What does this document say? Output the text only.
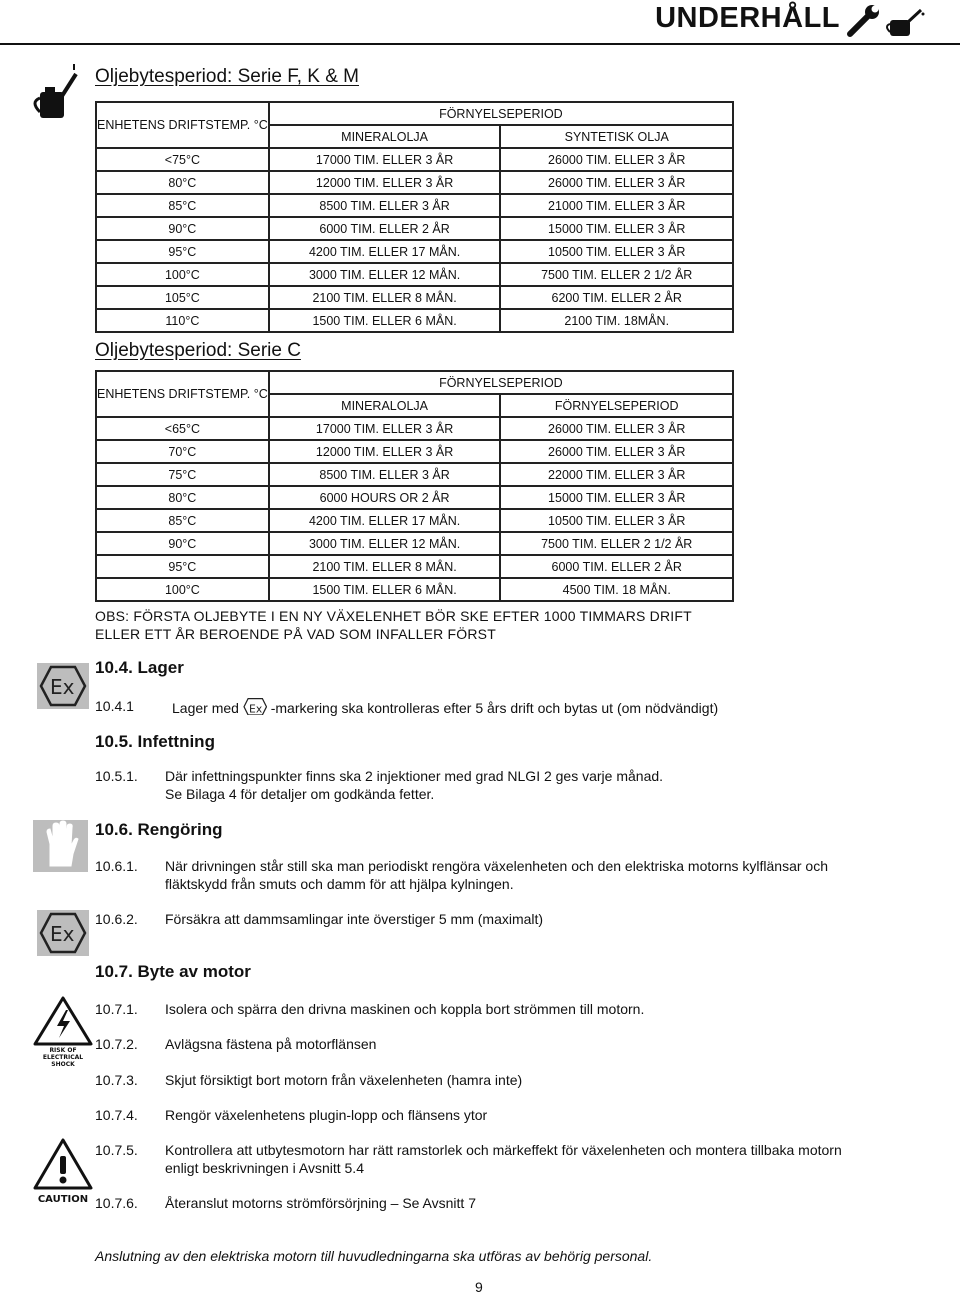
UNDERHÅLL
Oljebytesperiod: Serie F, K & M
ENHETENS DRIFTSTEMP. °C	FÖRNYELSEPERIOD	
	MINERALOLJA	SYNTETISK OLJA
<75°C	17000 TIM. ELLER 3 ÅR	26000 TIM. ELLER 3 ÅR
80°C	12000 TIM. ELLER 3 ÅR	26000 TIM. ELLER 3 ÅR
85°C	8500 TIM. ELLER 3 ÅR	21000 TIM. ELLER 3 ÅR
90°C	6000 TIM. ELLER 2 ÅR	15000 TIM. ELLER 3 ÅR
95°C	4200 TIM. ELLER 17 MÅN.	10500 TIM. ELLER 3 ÅR
100°C	3000 TIM. ELLER 12 MÅN.	7500 TIM. ELLER 2 1/2 ÅR
105°C	2100 TIM. ELLER 8 MÅN.	6200 TIM. ELLER 2 ÅR
110°C	1500 TIM. ELLER 6 MÅN.	2100 TIM. 18MÅN.
Oljebytesperiod: Serie C
ENHETENS DRIFTSTEMP. °C	FÖRNYELSEPERIOD	
	MINERALOLJA	FÖRNYELSEPERIOD
<65°C	17000 TIM. ELLER 3 ÅR	26000 TIM. ELLER 3 ÅR
70°C	12000 TIM. ELLER 3 ÅR	26000 TIM. ELLER 3 ÅR
75°C	8500 TIM. ELLER 3 ÅR	22000 TIM. ELLER 3 ÅR
80°C	6000 HOURS OR 2 ÅR	15000 TIM. ELLER 3 ÅR
85°C	4200 TIM. ELLER 17 MÅN.	10500 TIM. ELLER 3 ÅR
90°C	3000 TIM. ELLER 12 MÅN.	7500 TIM. ELLER 2 1/2 ÅR
95°C	2100 TIM. ELLER 8 MÅN.	6000 TIM. ELLER 2 ÅR
100°C	1500 TIM. ELLER 6 MÅN.	4500 TIM. 18 MÅN.
OBS: FÖRSTA OLJEBYTE I EN NY VÄXELENHET BÖR SKE EFTER 1000 TIMMARS DRIFT
ELLER ETT ÅR BEROENDE PÅ VAD SOM INFALLER FÖRST
Ex
10.4. Lager
10.4.1	Lager med Ex -markering ska kontrolleras efter 5 års drift och bytas ut (om nödvändigt)
10.5. Infettning
10.5.1. Där infettningspunkter finns ska 2 injektioner med grad NLGI 2 ges varje månad.
Se Bilaga 4 för detaljer om godkända fetter.
10.6. Rengöring
10.6.1. När drivningen står still ska man periodiskt rengöra växelenheten och den elektriska motorns kylflänsar och
fläktskydd från smuts och damm för att hjälpa kylningen.
Ex
10.6.2. Försäkra att dammsamlingar inte överstiger 5 mm (maximalt)
10.7. Byte av motor
RISK OF
ELECTRICAL
SHOCK
10.7.1. Isolera och spärra den drivna maskinen och koppla bort strömmen till motorn.
10.7.2. Avlägsna fästena på motorflänsen
10.7.3. Skjut försiktigt bort motorn från växelenheten (hamra inte)
10.7.4. Rengör växelenhetens plugin-lopp och flänsens ytor
CAUTION
10.7.5. Kontrollera att utbytesmotorn har rätt ramstorlek och märkeffekt för växelenheten och montera tillbaka motorn
enligt beskrivningen i Avsnitt 5.4
10.7.6. Återanslut motorns strömförsörjning – Se Avsnitt 7
Anslutning av den elektriska motorn till huvudledningarna ska utföras av behörig personal.
9
